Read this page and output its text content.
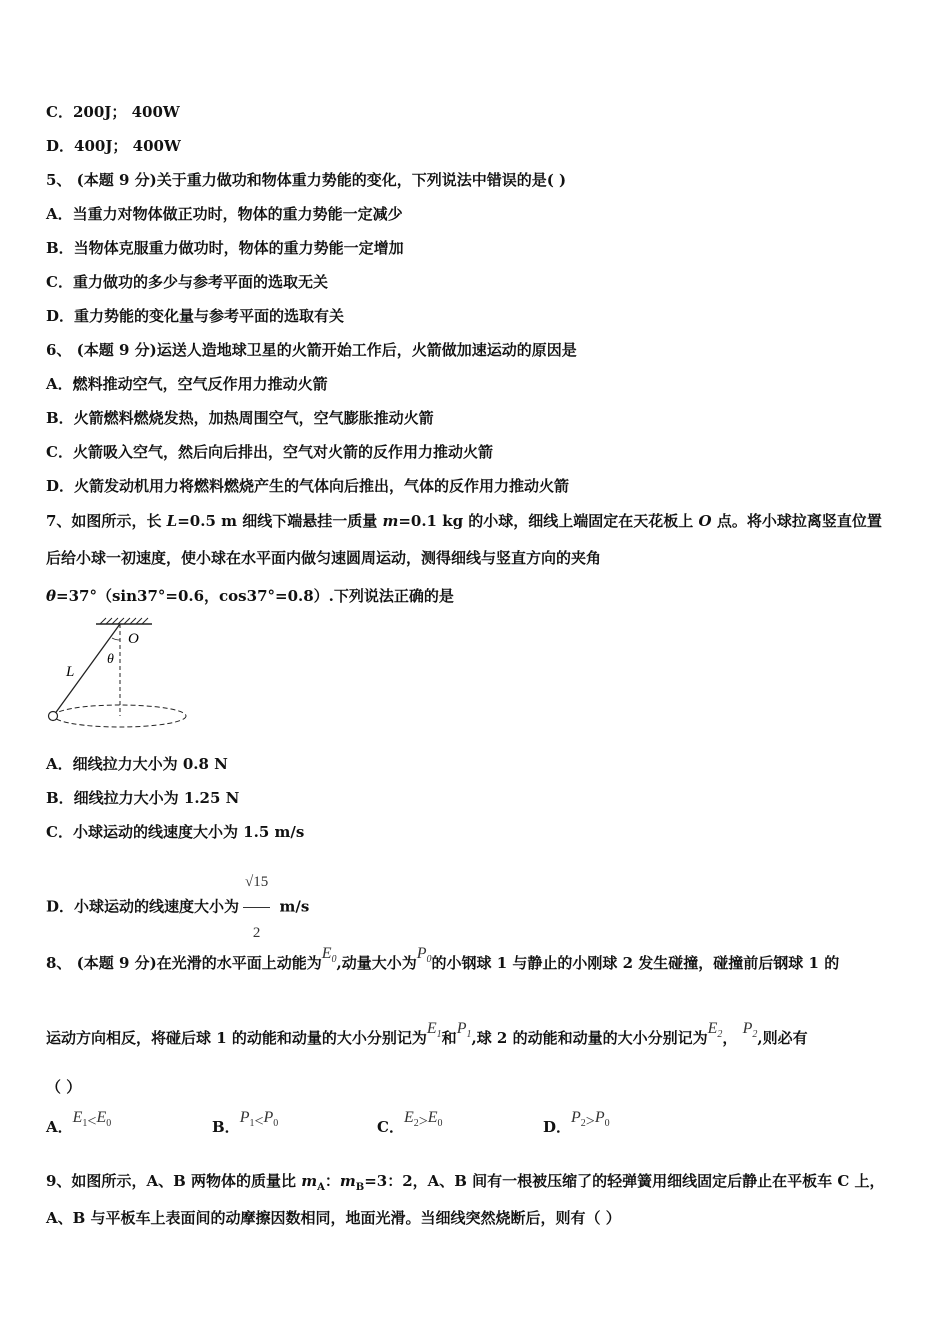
C．200J； 400W
D．400J； 400W
5、 (本题 9 分)关于重力做功和物体重力势能的变化，下列说法中错误的是( )
A．当重力对物体做正功时，物体的重力势能一定减少
B．当物体克服重力做功时，物体的重力势能一定增加
C．重力做功的多少与参考平面的选取无关
D．重力势能的变化量与参考平面的选取有关
6、 (本题 9 分)运送人造地球卫星的火箭开始工作后，火箭做加速运动的原因是
A．燃料推动空气，空气反作用力推动火箭
B．火箭燃料燃烧发热，加热周围空气，空气膨胀推动火箭
C．火箭吸入空气，然后向后排出，空气对火箭的反作用力推动火箭
D．火箭发动机用力将燃料燃烧产生的气体向后推出，气体的反作用力推动火箭
7、如图所示，长 L=0.5 m 细线下端悬挂一质量 m=0.1 kg 的小球，细线上端固定在天花板上 O 点。将小球拉离竖直位置
后给小球一初速度，使小球在水平面内做匀速圆周运动，测得细线与竖直方向的夹角
θ=37°（sin37°=0.6，cos37°=0.8）.下列说法正确的是
O
θ
L
A．细线拉力大小为 0.8 N
B．细线拉力大小为 1.25 N
C．小球运动的线速度大小为 1.5 m/s
D．小球运动的线速度大小为 $\frac{√15}{2} m/s$
8、 (本题 9 分)在光滑的水平面上动能为$E_0$,动量大小为$P_0$的小钢球 1 与静止的小刚球 2 发生碰撞，碰撞前后钢球 1 的
运动方向相反，将碰后球 1 的动能和动量的大小分别记为$E_1$和$P_1$,球 2 的动能和动量的大小分别记为$E_2$， $P_2$,则必有
（ ）
A．$E_1<E_0$	B．$P_1<P_0$	C．$E_2>E_0$	D．$P_2>P_0$
9、如图所示，A、B 两物体的质量比 $m_A$：$m_B=3$：2，A、B 间有一根被压缩了的轻弹簧用细线固定后静止在平板车 C 上，
A、B 与平板车上表面间的动摩擦因数相同，地面光滑。当细线突然烧断后，则有（ ）
